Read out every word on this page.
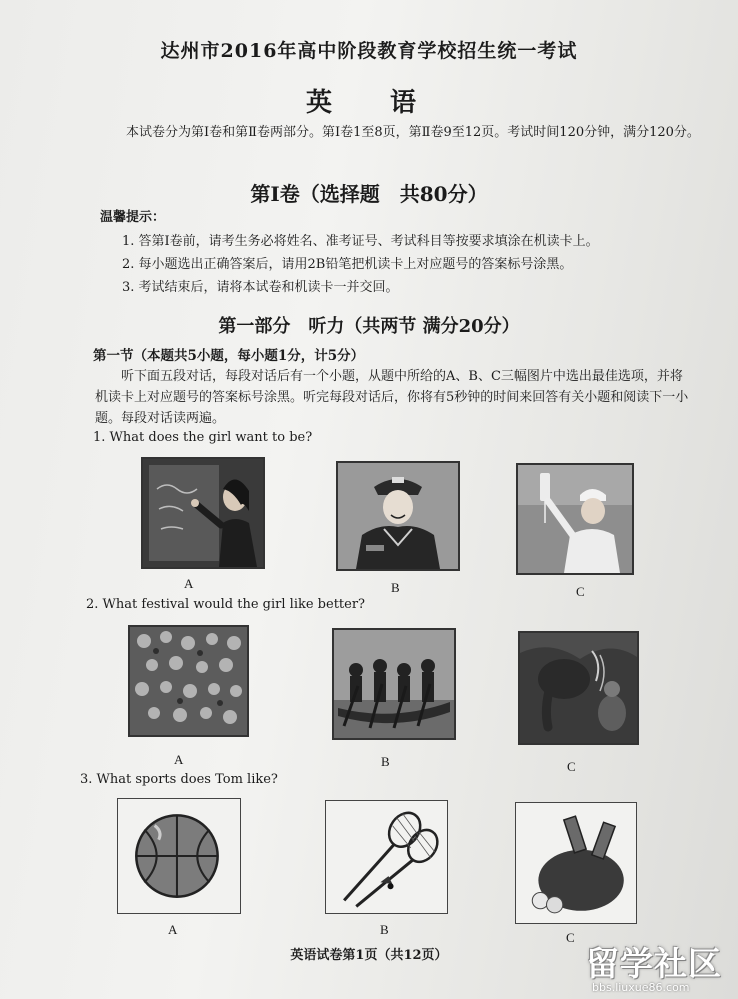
达州市2016年高中阶段教育学校招生统一考试
英　语
本试卷分为第Ⅰ卷和第Ⅱ卷两部分。第Ⅰ卷1至8页，第Ⅱ卷9至12页。考试时间120分钟，满分120分。
第Ⅰ卷（选择题　共80分）
温馨提示：
1. 答第Ⅰ卷前，请考生务必将姓名、准考证号、考试科目等按要求填涂在机读卡上。
2. 每小题选出正确答案后，请用2B铅笔把机读卡上对应题号的答案标号涂黑。
3. 考试结束后，请将本试卷和机读卡一并交回。
第一部分　听力（共两节 满分20分）
第一节（本题共5小题，每小题1分，计5分）
听下面五段对话，每段对话后有一个小题，从题中所给的A、B、C三幅图片中选出最佳选项，并将机读卡上对应题号的答案标号涂黑。听完每段对话后，你将有5秒钟的时间来回答有关小题和阅读下一小题。每段对话读两遍。
1. What does the girl want to be?
A	B	C
2. What festival would the girl like better?
A	B	C
3. What sports does Tom like?
A	B
C
英语试卷第1页（共12页）	留学社区
bbs.liuxue86.com
